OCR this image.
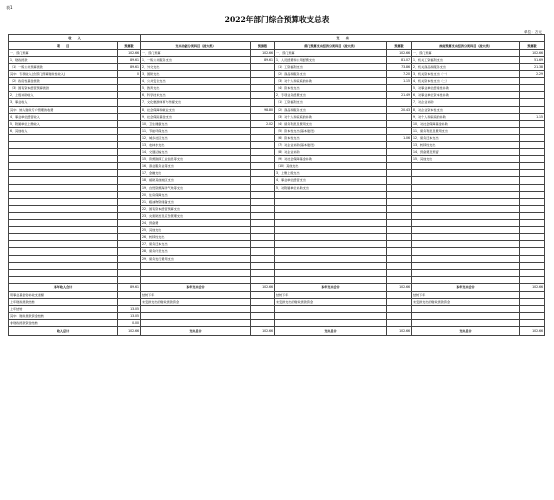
表1
2022年部门综合预算收支总表
单位：万元
收　　入		支　　出					
项　　目	预算数	支出功能分类科目（按大类）	预算数	部门预算支出经济分类科目（按大类）	预算数	政府预算支出经济分类科目（按大类）	预算数
一、部门预算	102.66	一、部门预算	102.66	一、部门预算	102.66	一、部门预算	102.66
1、财政拨款	89.61	1、一般公共服务支出	89.61	1、人员经费和公用经费支出	81.07	1、机关工资福利支出	51.69
（1）一般公共预算拨款	89.61	2、外交支出		（1）工资福利支出	73.86	2、机关商品和服务支出	21.38
其中：专项收入(含部门预算财政性收入)	0	3、国防支出		（2）商品和服务支出	7.20	3、机关资本性支出（一）	2.29
（2）政府性基金拨款		4、公共安全支出		（3）对个人和家庭的补助	1.15	4、机关资本性支出（二）	
（3）国有资本经营预算拨款		5、教育支出		（4）资本性支出		5、对事业单位经常性补助	
2、上级补助收入		6、科学技术支出		2、专项业务经费支出	21.49	6、对事业单位资本性补助	
3、事业收入		7、文化旅游体育与传媒支出		（1）工资福利支出		7、对企业补助	
其中：纳入财政专户管理的收费		8、社会保障和就业支出	98.80	（2）商品和服务支出	20.43	8、对企业资本性支出	
4、事业单位经营收入		9、社会保险基金支出		（3）对个人和家庭的补助		9、对个人和家庭的补助	1.15
5、附属单位上缴收入		10、卫生健康支出	2.02	（4）债务利息及费用支出		10、对社会保障基金补助	
6、其他收入		11、节能环保支出		（5）资本性支出(基本建设)		11、债务利息及费用支出	
		12、城乡社区支出		（6）资本性支出	1.06	12、债务还本支出	
		13、农林水支出		（7）对企业补助(基本建设)		13、转移性支出	
		14、交通运输支出		（8）对企业补助		14、预备费及预留	
		15、资源勘探工业信息等支出		（9）对社会保障基金补助		15、其他支出	
		16、商业服务业等支出		（10）其他支出			
		17、金融支出		3、上缴上级支出			
		18、援助其他地区支出		4、事业单位经营支出			
		19、自然资源海洋气象等支出		5、对附属单位补助支出			
		20、住房保障支出					
		21、粮油物资储备支出					
		22、国有资本经营预算支出					
		23、灾害防治及应急管理支出					
		24、预备费					
		25、其他支出					
		26、转移性支出					
		27、债务还本支出					
		28、债务付息支出					
		29、债务发行费用支出					

本年收入合计	89.61	本年支出合计	102.66	本年支出合计	102.66	本年支出合计	102.66
用事业基金弥补收支差额		结转下年		结转下年		结转下年	
上年财政拨款结转		未安排支出的财政拨款资金		未安排支出的财政拨款资金		未安排支出的财政拨款资金	
上年结转	13.05						
其中：财政拨款资金结转	13.05						
非财政拨款资金结转	0.00						
收入总计	102.66	支出总计	102.66	支出总计	102.66	支出总计	102.66
